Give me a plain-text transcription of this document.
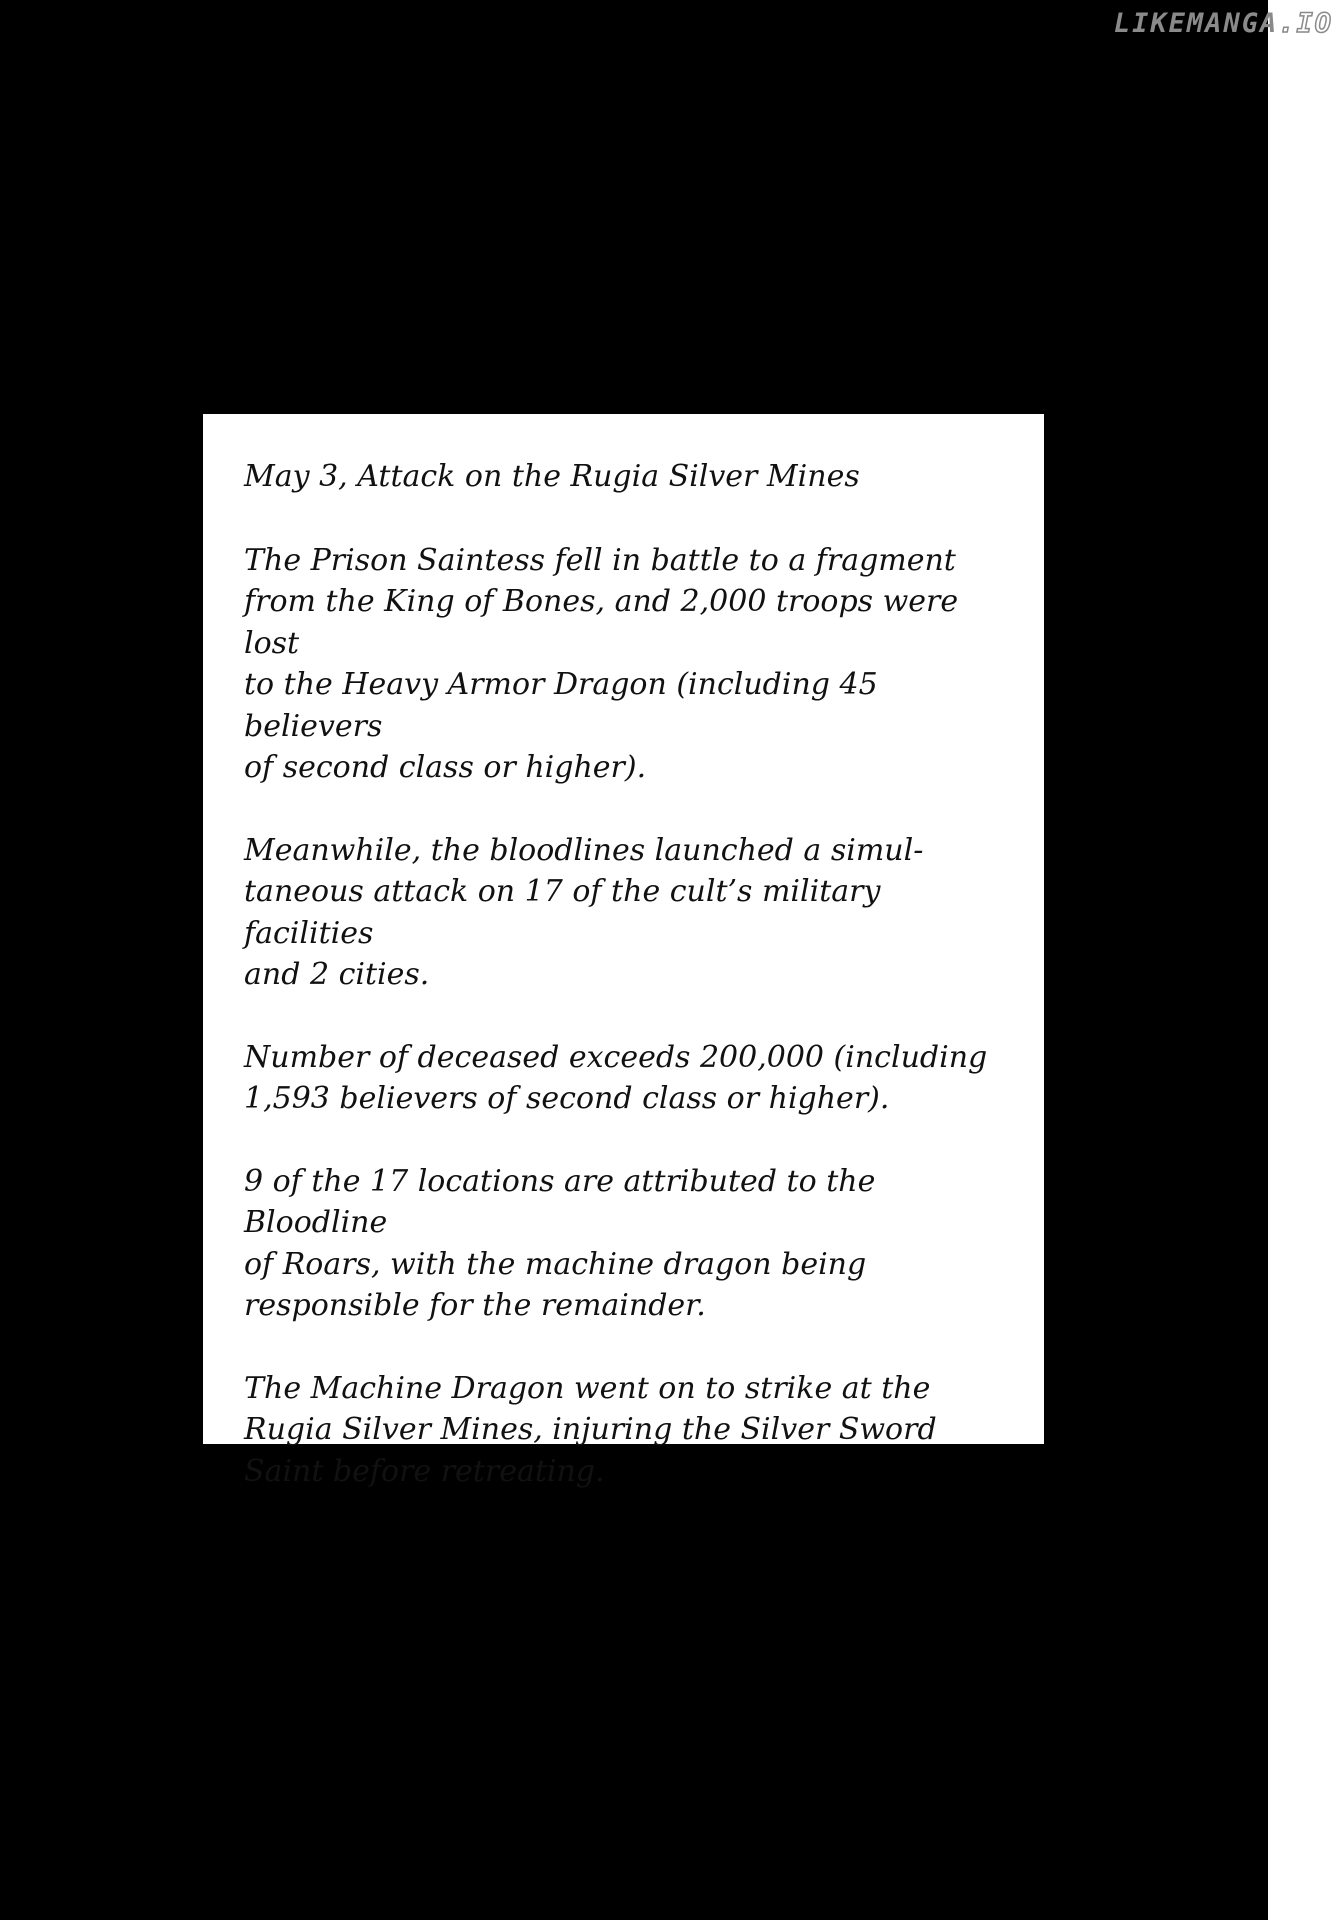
May 3, Attack on the Rugia Silver Mines

The Prison Saintess fell in battle to a fragment
from the King of Bones, and 2,000 troops were lost
to the Heavy Armor Dragon (including 45 believers
of second class or higher).

Meanwhile, the bloodlines launched a simul-
taneous attack on 17 of the cult’s military facilities
and 2 cities.

Number of deceased exceeds 200,000 (including
1,593 believers of second class or higher).

9 of the 17 locations are attributed to the Bloodline
of Roars, with the machine dragon being
responsible for the remainder.

The Machine Dragon went on to strike at the
Rugia Silver Mines, injuring the Silver Sword
Saint before retreating.

LIKEMANGA.IO
